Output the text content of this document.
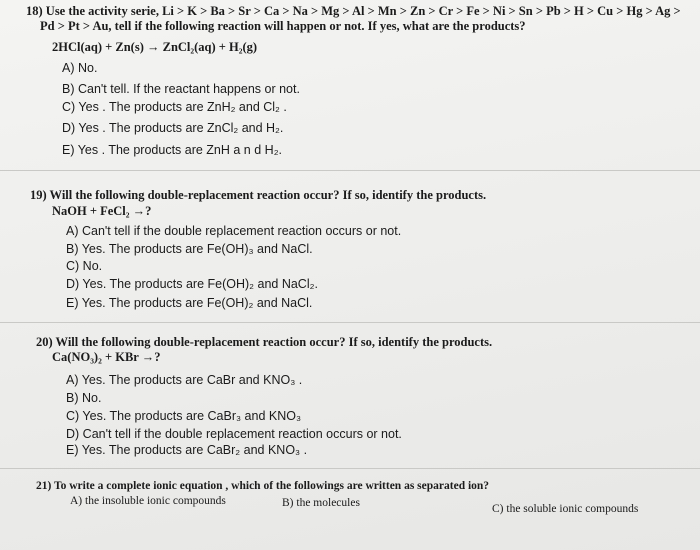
18) Use the activity serie, Li > K > Ba > Sr > Ca > Na > Mg > Al > Mn > Zn > Cr > Fe > Ni > Sn > Pb > H > Cu > Hg > Ag >
Pd > Pt > Au, tell if the following reaction will happen or not. If yes, what are the products?
2HCl(aq) + Zn(s) → ZnCl₂(aq) + H₂(g)
A) No.
B) Can't tell. If the reactant happens or not.
C) Yes . The products are ZnH₂ and Cl₂ .
D) Yes . The products are ZnCl₂ and H₂.
E) Yes . The products are ZnH a n d H₂.
19) Will the following double-replacement reaction occur? If so, identify the products.
NaOH + FeCl₂ →?
A) Can't tell if the double replacement reaction occurs or not.
B) Yes. The products are Fe(OH)₃ and NaCl.
C) No.
D) Yes. The products are Fe(OH)₂ and NaCl₂.
E) Yes. The products are Fe(OH)₂ and NaCl.
20) Will the following double-replacement reaction occur? If so, identify the products.
Ca(NO₃)₂ + KBr →?
A) Yes. The products are CaBr and KNO₃ .
B) No.
C) Yes. The products are CaBr₃ and KNO₃
D) Can't tell if the double replacement reaction occurs or not.
E) Yes. The products are CaBr₂ and KNO₃ .
21) To write a complete ionic equation , which of the followings are written as separated ion?
A) the insoluble ionic compounds	B) the molecules	C) the soluble ionic compounds
